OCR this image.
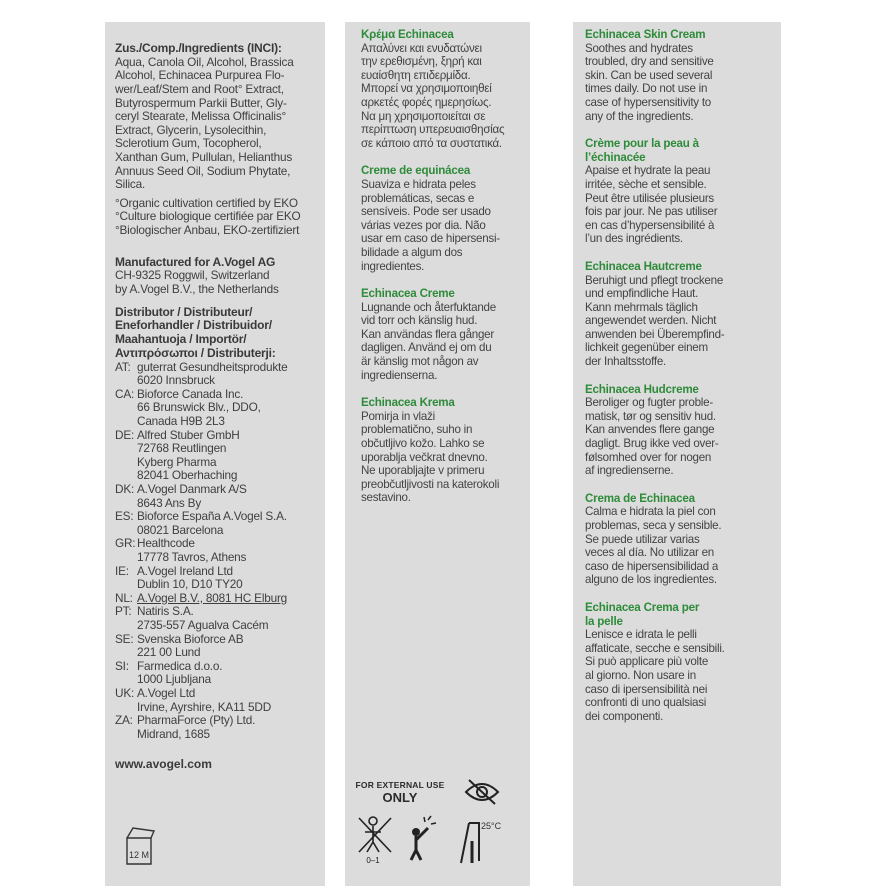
Zus./Comp./Ingredients (INCI):

Aqua, Canola Oil, Alcohol, Brassica

Alcohol, Echinacea Purpurea Flo-

wer/Leaf/Stem and Root° Extract,

Butyrospermum Parkii Butter, Gly-

ceryl Stearate, Melissa Officinalis°

Extract, Glycerin, Lysolecithin,

Sclerotium Gum, Tocopherol,

Xanthan Gum, Pullulan, Helianthus

Annuus Seed Oil, Sodium Phytate,

Silica.

°Organic cultivation certified by EKO

°Culture biologique certifiée par EKO

°Biologischer Anbau, EKO-zertifiziert

Manufactured for A.Vogel AG

CH-9325 Roggwil, Switzerland

by A.Vogel B.V., the Netherlands

Distributor / Distributeur/

Eneforhandler / Distribuidor/

Maahantuoja / Importör/

Αντιπρόσωποι / Distributerji:

AT: guterrat Gesundheitsprodukte

6020 Innsbruck

CA: Bioforce Canada Inc.

66 Brunswick Blv., DDO,

Canada H9B 2L3

DE: Alfred Stuber GmbH

72768 Reutlingen

Kyberg Pharma

82041 Oberhaching

DK: A.Vogel Danmark A/S

8643 Ans By

ES: Bioforce España A.Vogel S.A.

08021 Barcelona

GR: Healthcode

17778 Tavros, Athens

IE: A.Vogel Ireland Ltd

Dublin 10, D10 TY20

NL: A.Vogel B.V., 8081 HC Elburg

PT: Natiris S.A.

2735-557 Agualva Cacém

SE: Svenska Bioforce AB

221 00 Lund

SI: Farmedica d.o.o.

1000 Ljubljana

UK: A.Vogel Ltd

Irvine, Ayrshire, KA11 5DD

ZA: PharmaForce (Pty) Ltd.

Midrand, 1685

www.avogel.com

12 M

Κρέμα Echinacea

Απαλύνει και ενυδατώνει

την ερεθισμένη, ξηρή και

ευαίσθητη επιδερμίδα.

Μπορεί να χρησιμοποιηθεί

αρκετές φορές ημερησίως.

Να μη χρησιμοποιείται σε

περίπτωση υπερευαισθησίας

σε κάποιο από τα συστατικά.

Creme de equinácea

Suaviza e hidrata peles

problemáticas, secas e

sensíveis. Pode ser usado

várias vezes por dia. Não

usar em caso de hipersensi-

bilidade a algum dos

ingredientes.

Echinacea Creme

Lugnande och återfuktande

vid torr och känslig hud.

Kan användas flera gånger

dagligen. Använd ej om du

är känslig mot någon av

ingredienserna.

Echinacea Krema

Pomirja in vlaži

problematično, suho in

občutljivo kožo. Lahko se

uporablja večkrat dnevno.

Ne uporabljajte v primeru

preobčutljivosti na katerokoli

sestavino.

FOR EXTERNAL USE
ONLY
0–1
25°C

Echinacea Skin Cream

Soothes and hydrates

troubled, dry and sensitive

skin. Can be used several

times daily. Do not use in

case of hypersensitivity to

any of the ingredients.

Crème pour la peau à

l’échinacée

Apaise et hydrate la peau

irritée, sèche et sensible.

Peut être utilisée plusieurs

fois par jour. Ne pas utiliser

en cas d’hypersensibilité à

l’un des ingrédients.

Echinacea Hautcreme

Beruhigt und pflegt trockene

und empfindliche Haut.

Kann mehrmals täglich

angewendet werden. Nicht

anwenden bei Überempfind-

lichkeit gegenüber einem

der Inhaltsstoffe.

Echinacea Hudcreme

Beroliger og fugter proble-

matisk, tør og sensitiv hud.

Kan anvendes flere gange

dagligt. Brug ikke ved over-

følsomhed over for nogen

af ingredienserne.

Crema de Echinacea

Calma e hidrata la piel con

problemas, seca y sensible.

Se puede utilizar varias

veces al día. No utilizar en

caso de hipersensibilidad a

alguno de los ingredientes.

Echinacea Crema per

la pelle

Lenisce e idrata le pelli

affaticate, secche e sensibili.

Si può applicare più volte

al giorno. Non usare in

caso di ipersensibilità nei

confronti di uno qualsiasi

dei componenti.
